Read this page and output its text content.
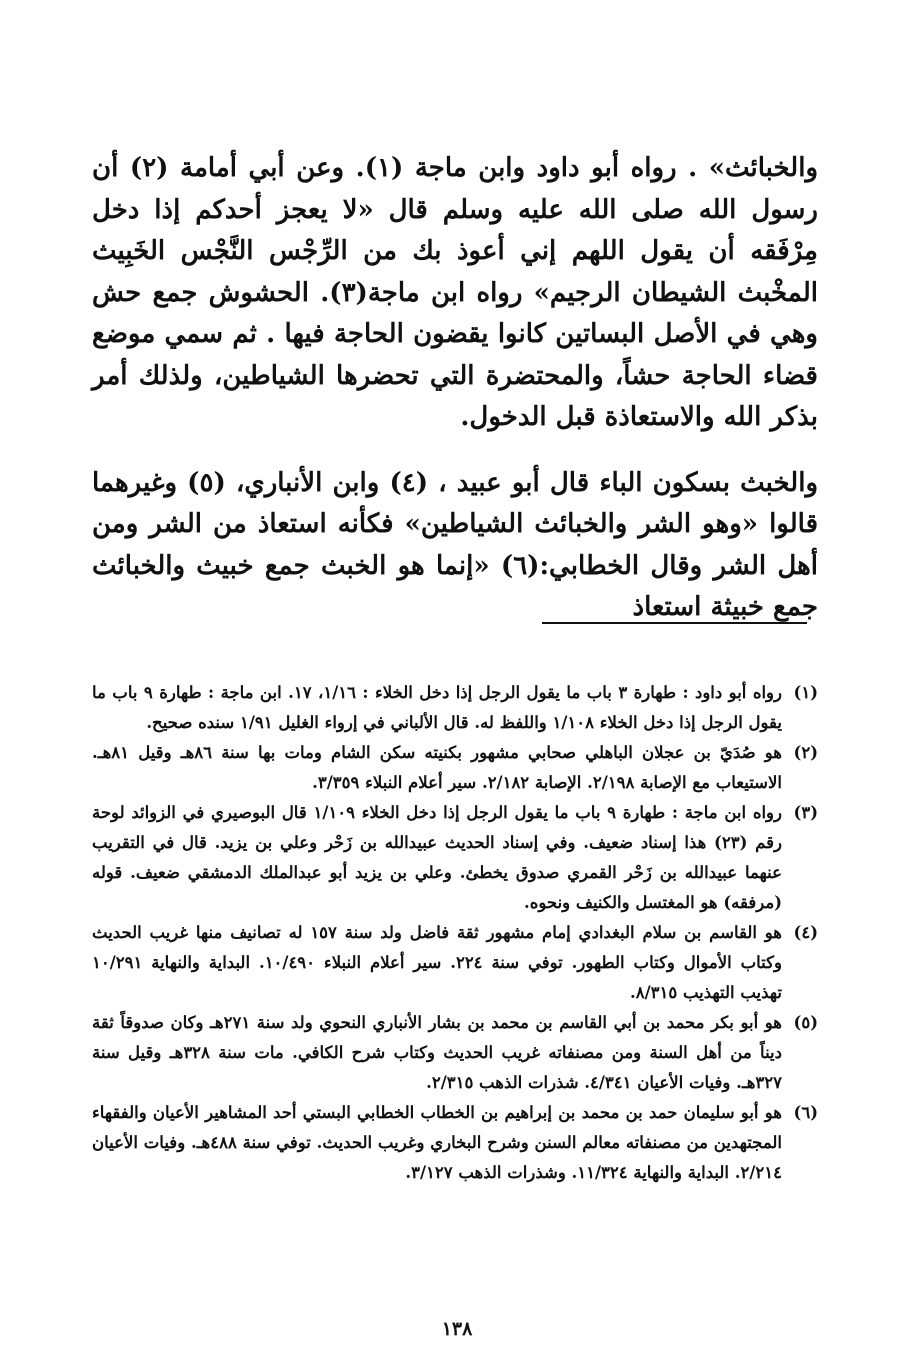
والخبائث» . رواه أبو داود وابن ماجة (١). وعن أبي أمامة (٢) أن رسول الله صلى الله عليه وسلم قال «لا يعجز أحدكم إذا دخل مِرْفَقه أن يقول اللهم إني أعوذ بك من الرِّجْس النَّجْس الخَبِيث المخْبث الشيطان الرجيم» رواه ابن ماجة(٣). الحشوش جمع حش وهي في الأصل البساتين كانوا يقضون الحاجة فيها . ثم سمي موضع قضاء الحاجة حشاً، والمحتضرة التي تحضرها الشياطين، ولذلك أمر بذكر الله والاستعاذة قبل الدخول.

والخبث بسكون الباء قال أبو عبيد ، (٤) وابن الأنباري، (٥) وغيرهما قالوا «وهو الشر والخبائث الشياطين» فكأنه استعاذ من الشر ومن أهل الشر وقال الخطابي:(٦) «إنما هو الخبث جمع خبيث والخبائث جمع خبيثة استعاذ

(١)
رواه أبو داود : طهارة ٣ باب ما يقول الرجل إذا دخل الخلاء : ١/١٦، ١٧. ابن ماجة : طهارة ٩ باب ما يقول الرجل إذا دخل الخلاء ١/١٠٨ واللفظ له. قال الألباني في إرواء الغليل ١/٩١ سنده صحيح.
(٢)
هو صُدَيّ بن عجلان الباهلي صحابي مشهور بكنيته سكن الشام ومات بها سنة ٨٦هـ وقيل ٨١هـ. الاستيعاب مع الإصابة ٢/١٩٨. الإصابة ٢/١٨٢. سير أعلام النبلاء ٣/٣٥٩.
(٣)
رواه ابن ماجة : طهارة ٩ باب ما يقول الرجل إذا دخل الخلاء ١/١٠٩ قال البوصيري في الزوائد لوحة رقم (٢٣) هذا إسناد ضعيف. وفي إسناد الحديث عبيدالله بن زَحْر وعلي بن يزيد. قال في التقريب عنهما عبيدالله بن زَحْر القمري صدوق يخطئ. وعلي بن يزيد أبو عبدالملك الدمشقي ضعيف. قوله (مرفقه) هو المغتسل والكنيف ونحوه.
(٤)
هو القاسم بن سلام البغدادي إمام مشهور ثقة فاضل ولد سنة ١٥٧ له تصانيف منها غريب الحديث وكتاب الأموال وكتاب الطهور. توفي سنة ٢٢٤. سير أعلام النبلاء ١٠/٤٩٠. البداية والنهاية ١٠/٢٩١ تهذيب التهذيب ٨/٣١٥.
(٥)
هو أبو بكر محمد بن أبي القاسم بن محمد بن بشار الأنباري النحوي ولد سنة ٢٧١هـ وكان صدوقاً ثقة ديناً من أهل السنة ومن مصنفاته غريب الحديث وكتاب شرح الكافي. مات سنة ٣٢٨هـ وقيل سنة ٣٢٧هـ. وفيات الأعيان ٤/٣٤١. شذرات الذهب ٢/٣١٥.
(٦)
هو أبو سليمان حمد بن محمد بن إبراهيم بن الخطاب الخطابي البستي أحد المشاهير الأعيان والفقهاء المجتهدين من مصنفاته معالم السنن وشرح البخاري وغريب الحديث. توفي سنة ٤٨٨هـ. وفيات الأعيان ٢/٢١٤. البداية والنهاية ١١/٣٢٤. وشذرات الذهب ٣/١٢٧.
١٣٨
